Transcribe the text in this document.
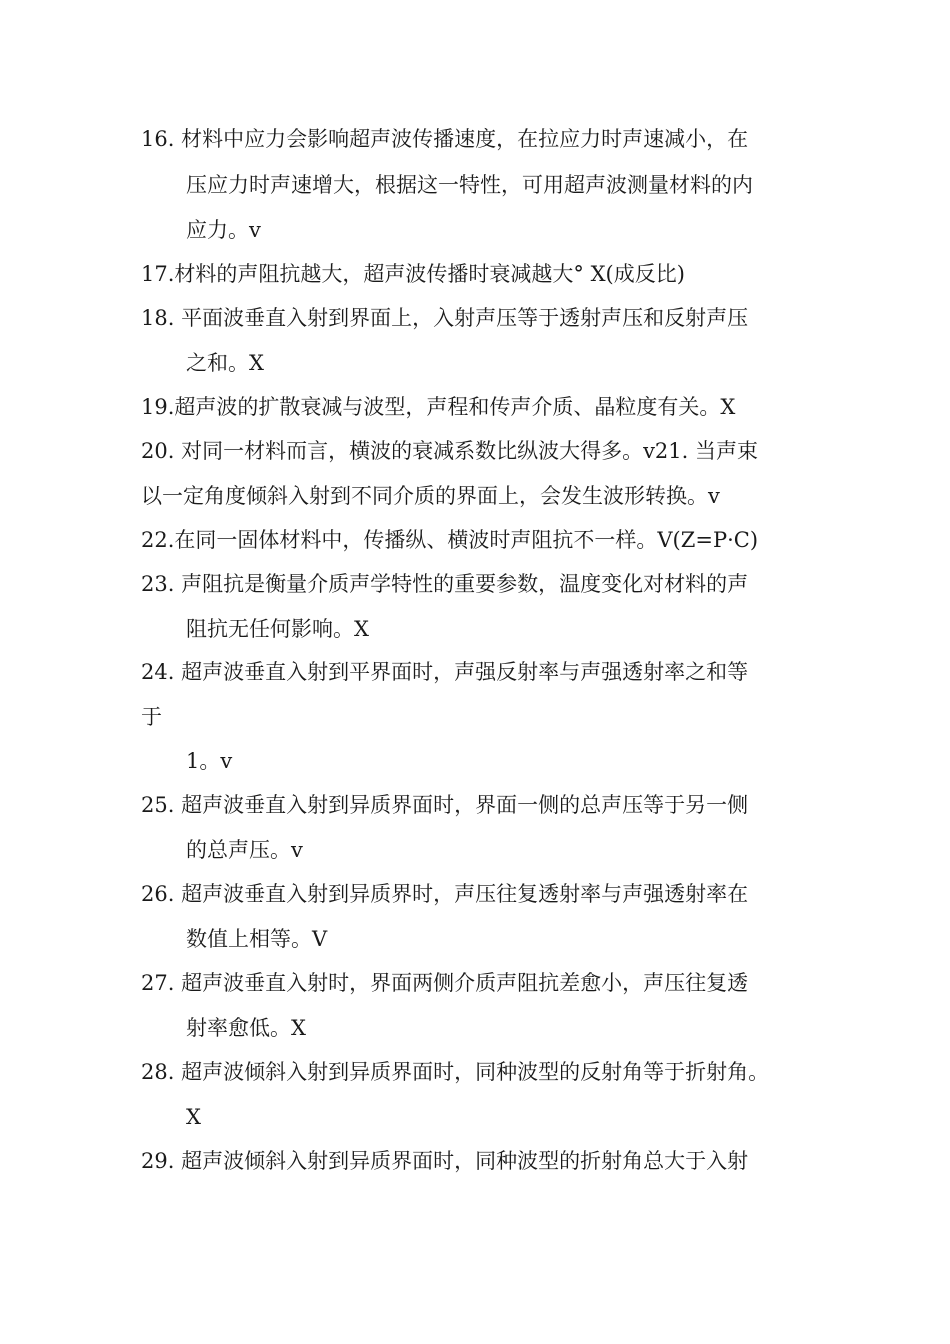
16. 材料中应力会影响超声波传播速度，在拉应力时声速减小，在
压应力时声速增大，根据这一特性，可用超声波测量材料的内
应力。v
17.材料的声阻抗越大，超声波传播时衰减越大° X(成反比)
18. 平面波垂直入射到界面上，入射声压等于透射声压和反射声压
之和。X
19.超声波的扩散衰减与波型，声程和传声介质、晶粒度有关。X
20. 对同一材料而言，横波的衰减系数比纵波大得多。v21. 当声束
以一定角度倾斜入射到不同介质的界面上，会发生波形转换。v
22.在同一固体材料中，传播纵、横波时声阻抗不一样。V(Z=P·C)
23. 声阻抗是衡量介质声学特性的重要参数，温度变化对材料的声
阻抗无任何影响。X
24. 超声波垂直入射到平界面时，声强反射率与声强透射率之和等
于
1。v
25. 超声波垂直入射到异质界面时，界面一侧的总声压等于另一侧
的总声压。v
26. 超声波垂直入射到异质界时，声压往复透射率与声强透射率在
数值上相等。V
27. 超声波垂直入射时，界面两侧介质声阻抗差愈小，声压往复透
射率愈低。X
28. 超声波倾斜入射到异质界面时，同种波型的反射角等于折射角。
X
29. 超声波倾斜入射到异质界面时，同种波型的折射角总大于入射
